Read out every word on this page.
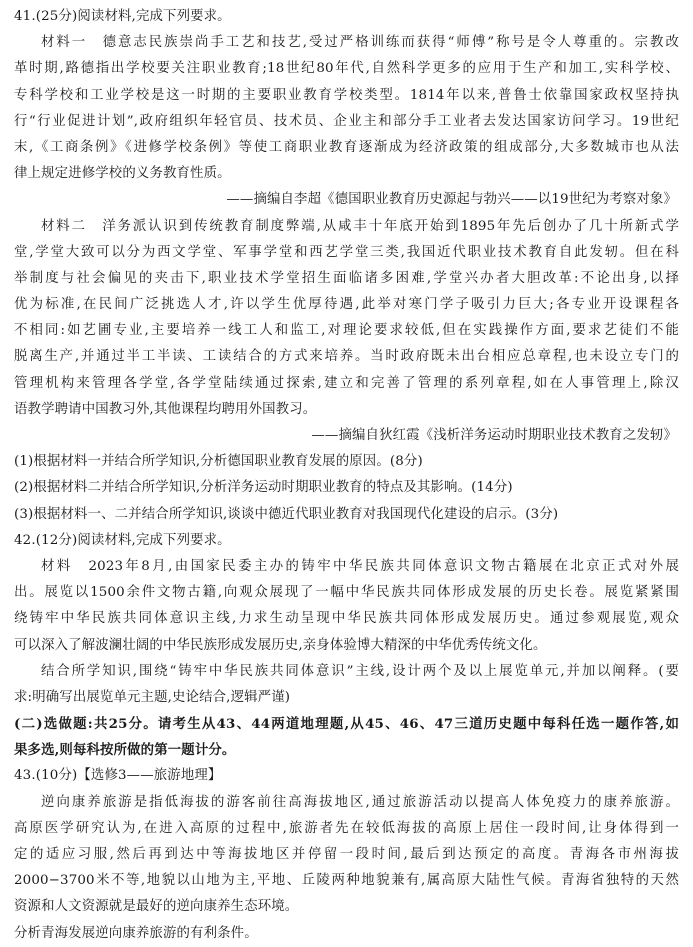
41.(25分)阅读材料,完成下列要求。
材料一　德意志民族崇尚手工艺和技艺,受过严格训练而获得“师傅”称号是令人尊重的。宗教改
革时期,路德指出学校要关注职业教育;18世纪80年代,自然科学更多的应用于生产和加工,实科学校、
专科学校和工业学校是这一时期的主要职业教育学校类型。1814年以来,普鲁士依靠国家政权坚持执
行“行业促进计划”,政府组织年轻官员、技术员、企业主和部分手工业者去发达国家访问学习。19世纪
末,《工商条例》《进修学校条例》等使工商职业教育逐渐成为经济政策的组成部分,大多数城市也从法
律上规定进修学校的义务教育性质。
——摘编自李超《德国职业教育历史源起与勃兴——以19世纪为考察对象》
材料二　洋务派认识到传统教育制度弊端,从咸丰十年底开始到1895年先后创办了几十所新式学
堂,学堂大致可以分为西文学堂、军事学堂和西艺学堂三类,我国近代职业技术教育自此发轫。但在科
举制度与社会偏见的夹击下,职业技术学堂招生面临诸多困难,学堂兴办者大胆改革:不论出身,以择
优为标准,在民间广泛挑选人才,许以学生优厚待遇,此举对寒门学子吸引力巨大;各专业开设课程各
不相同:如艺圃专业,主要培养一线工人和监工,对理论要求较低,但在实践操作方面,要求艺徒们不能
脱离生产,并通过半工半读、工读结合的方式来培养。当时政府既未出台相应总章程,也未设立专门的
管理机构来管理各学堂,各学堂陆续通过探索,建立和完善了管理的系列章程,如在人事管理上,除汉
语教学聘请中国教习外,其他课程均聘用外国教习。
——摘编自狄红霞《浅析洋务运动时期职业技术教育之发轫》
(1)根据材料一并结合所学知识,分析德国职业教育发展的原因。(8分)
(2)根据材料二并结合所学知识,分析洋务运动时期职业教育的特点及其影响。(14分)
(3)根据材料一、二并结合所学知识,谈谈中德近代职业教育对我国现代化建设的启示。(3分)
42.(12分)阅读材料,完成下列要求。
材料　2023年8月,由国家民委主办的铸牢中华民族共同体意识文物古籍展在北京正式对外展
出。展览以1500余件文物古籍,向观众展现了一幅中华民族共同体形成发展的历史长卷。展览紧紧围
绕铸牢中华民族共同体意识主线,力求生动呈现中华民族共同体形成发展历史。通过参观展览,观众
可以深入了解波澜壮阔的中华民族形成发展历史,亲身体验博大精深的中华优秀传统文化。
结合所学知识,围绕“铸牢中华民族共同体意识”主线,设计两个及以上展览单元,并加以阐释。(要
求:明确写出展览单元主题,史论结合,逻辑严谨)
(二)选做题:共25分。请考生从43、44两道地理题,从45、46、47三道历史题中每科任选一题作答,如
果多选,则每科按所做的第一题计分。
43.(10分)【选修3——旅游地理】
逆向康养旅游是指低海拔的游客前往高海拔地区,通过旅游活动以提高人体免疫力的康养旅游。
高原医学研究认为,在进入高原的过程中,旅游者先在较低海拔的高原上居住一段时间,让身体得到一
定的适应习服,然后再到达中等海拔地区并停留一段时间,最后到达预定的高度。青海各市州海拔
2000−3700米不等,地貌以山地为主,平地、丘陵两种地貌兼有,属高原大陆性气候。青海省独特的天然
资源和人文资源就是最好的逆向康养生态环境。
分析青海发展逆向康养旅游的有利条件。
